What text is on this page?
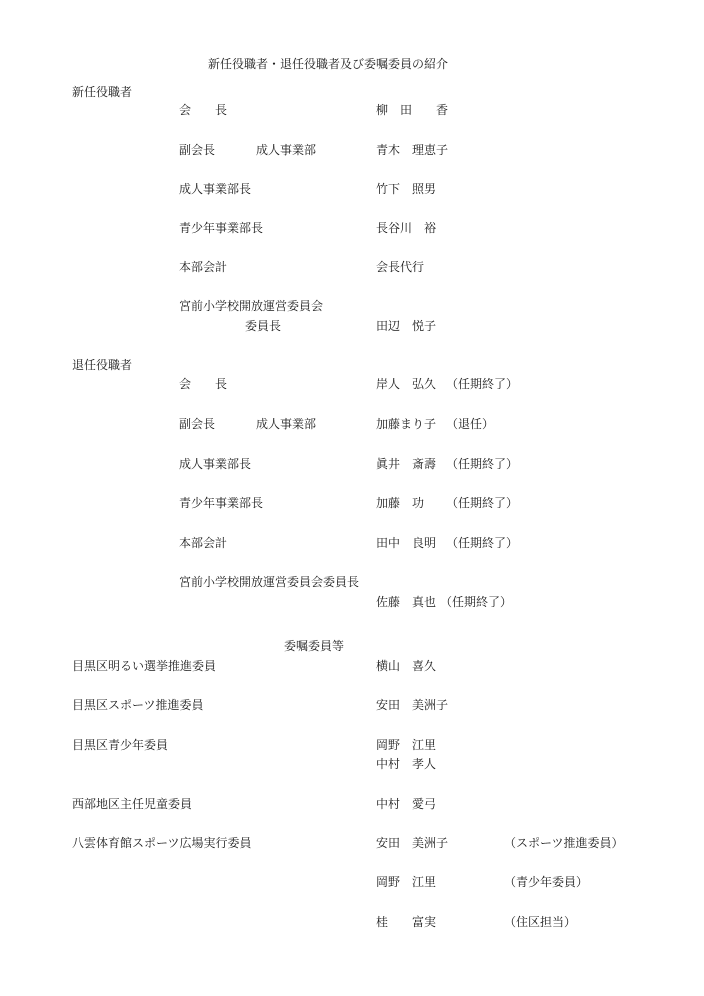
新任役職者・退任役職者及び委嘱委員の紹介
新任役職者
会　　長	柳　田　　香
副会長	成人事業部	青木　理恵子
成人事業部長	竹下　照男
青少年事業部長	長谷川　裕
本部会計	会長代行
宮前小学校開放運営委員会
委員長	田辺　悦子
退任役職者
会　　長	岸人　弘久 （任期終了）
副会長	成人事業部	加藤まり子 （退任）
成人事業部長	眞井　斎壽 （任期終了）
青少年事業部長	加藤　功 （任期終了）
本部会計	田中　良明 （任期終了）
宮前小学校開放運営委員会委員長
佐藤　真也 （任期終了）
委嘱委員等
目黒区明るい選挙推進委員	横山　喜久
目黒区スポーツ推進委員	安田　美洲子
目黒区青少年委員	岡野　江里
中村　孝人
西部地区主任児童委員	中村　愛弓
八雲体育館スポーツ広場実行委員	安田　美洲子	（スポーツ推進委員）
岡野　江里	（青少年委員）
桂　　富実	（住区担当）
